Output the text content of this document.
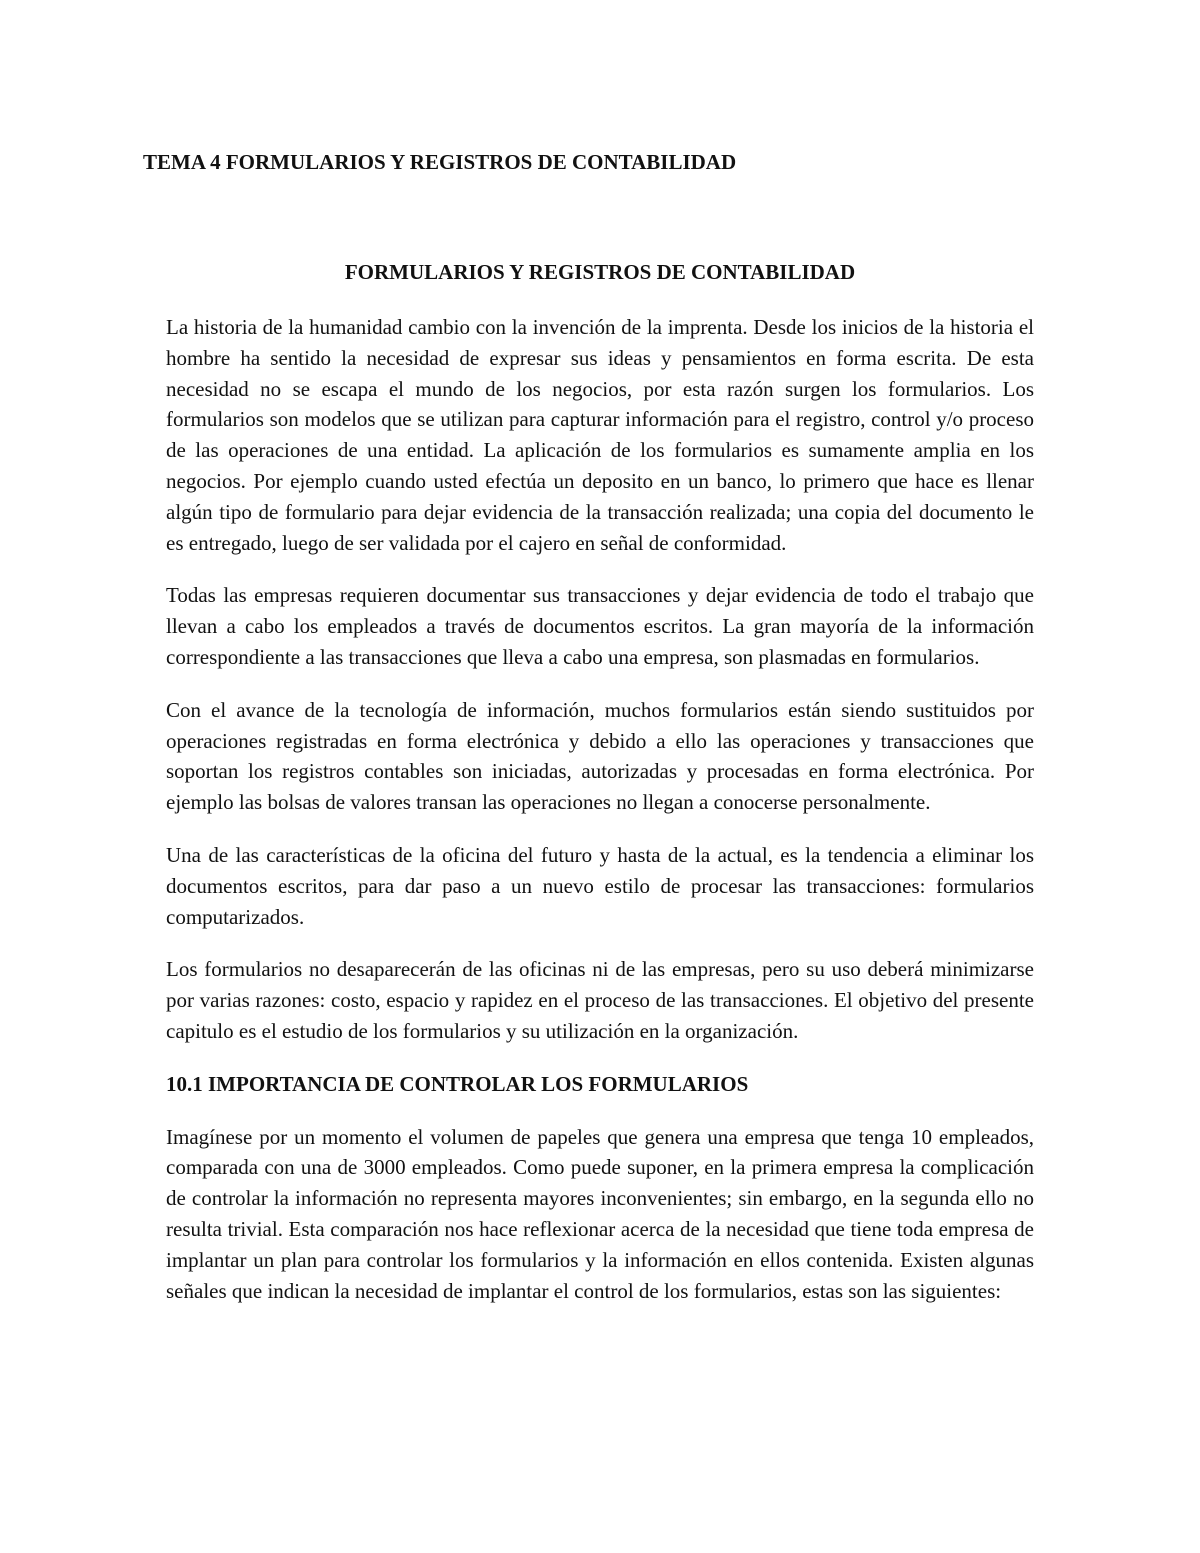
TEMA 4 FORMULARIOS Y REGISTROS DE CONTABILIDAD
FORMULARIOS Y REGISTROS DE CONTABILIDAD

La historia de la humanidad cambio con la invención de la imprenta. Desde los inicios de la historia el hombre ha sentido la necesidad de expresar sus ideas y pensamientos en forma escrita. De esta necesidad no se escapa el mundo de los negocios, por esta razón surgen los formularios. Los formularios son modelos que se utilizan para capturar información para el registro, control y/o proceso de las operaciones de una entidad. La aplicación de los formularios es sumamente amplia en los negocios. Por ejemplo cuando usted efectúa un deposito en un banco, lo primero que hace es llenar algún tipo de formulario para dejar evidencia de la transacción realizada; una copia del documento le es entregado, luego de ser validada por el cajero en señal de conformidad.

Todas las empresas requieren documentar sus transacciones y dejar evidencia de todo el trabajo que llevan a cabo los empleados a través de documentos escritos. La gran mayoría de la información correspondiente a las transacciones que lleva a cabo una empresa, son plasmadas en formularios.

Con el avance de la tecnología de información, muchos formularios están siendo sustituidos por operaciones registradas en forma electrónica y debido a ello las operaciones y transacciones que soportan los registros contables son iniciadas, autorizadas y procesadas en forma electrónica. Por ejemplo las bolsas de valores transan las operaciones no llegan a conocerse personalmente.

Una de las características de la oficina del futuro y hasta de la actual, es la tendencia a eliminar los documentos escritos, para dar paso a un nuevo estilo de procesar las transacciones: formularios computarizados.

Los formularios no desaparecerán de las oficinas ni de las empresas, pero su uso deberá minimizarse por varias razones: costo, espacio y rapidez en el proceso de las transacciones. El objetivo del presente capitulo es el estudio de los formularios y su utilización en la organización.

10.1 IMPORTANCIA DE CONTROLAR LOS FORMULARIOS

Imagínese por un momento el volumen de papeles que genera una empresa que tenga 10 empleados, comparada con una de 3000 empleados. Como puede suponer, en la primera empresa la complicación de controlar la información no representa mayores inconvenientes; sin embargo, en la segunda ello no resulta trivial. Esta comparación nos hace reflexionar acerca de la necesidad que tiene toda empresa de implantar un plan para controlar los formularios y la información en ellos contenida. Existen algunas señales que indican la necesidad de implantar el control de los formularios, estas son las siguientes:
